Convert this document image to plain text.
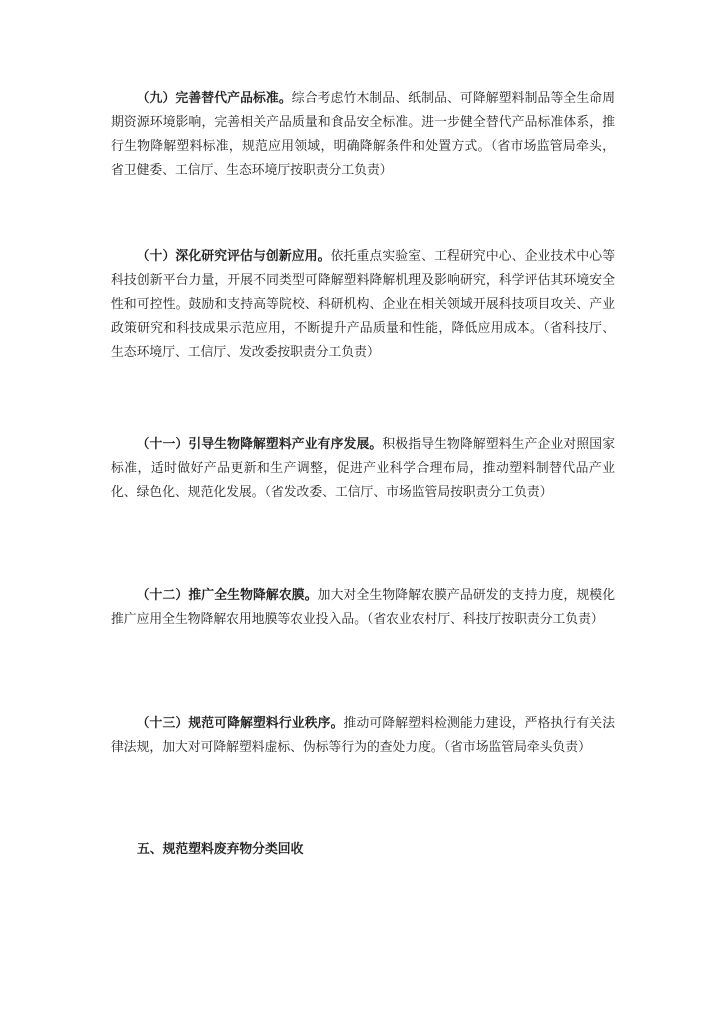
（九）完善替代产品标准。综合考虑竹木制品、纸制品、可降解塑料制品等全生命周期资源环境影响，完善相关产品质量和食品安全标准。进一步健全替代产品标准体系，推行生物降解塑料标准，规范应用领域，明确降解条件和处置方式。（省市场监管局牵头，省卫健委、工信厅、生态环境厅按职责分工负责）

（十）深化研究评估与创新应用。依托重点实验室、工程研究中心、企业技术中心等科技创新平台力量，开展不同类型可降解塑料降解机理及影响研究，科学评估其环境安全性和可控性。鼓励和支持高等院校、科研机构、企业在相关领域开展科技项目攻关、产业政策研究和科技成果示范应用，不断提升产品质量和性能，降低应用成本。（省科技厅、生态环境厅、工信厅、发改委按职责分工负责）

（十一）引导生物降解塑料产业有序发展。积极指导生物降解塑料生产企业对照国家标准，适时做好产品更新和生产调整，促进产业科学合理布局，推动塑料制替代品产业化、绿色化、规范化发展。（省发改委、工信厅、市场监管局按职责分工负责）

（十二）推广全生物降解农膜。加大对全生物降解农膜产品研发的支持力度，规模化推广应用全生物降解农用地膜等农业投入品。（省农业农村厅、科技厅按职责分工负责）

（十三）规范可降解塑料行业秩序。推动可降解塑料检测能力建设，严格执行有关法律法规，加大对可降解塑料虚标、伪标等行为的查处力度。（省市场监管局牵头负责）

五、规范塑料废弃物分类回收
